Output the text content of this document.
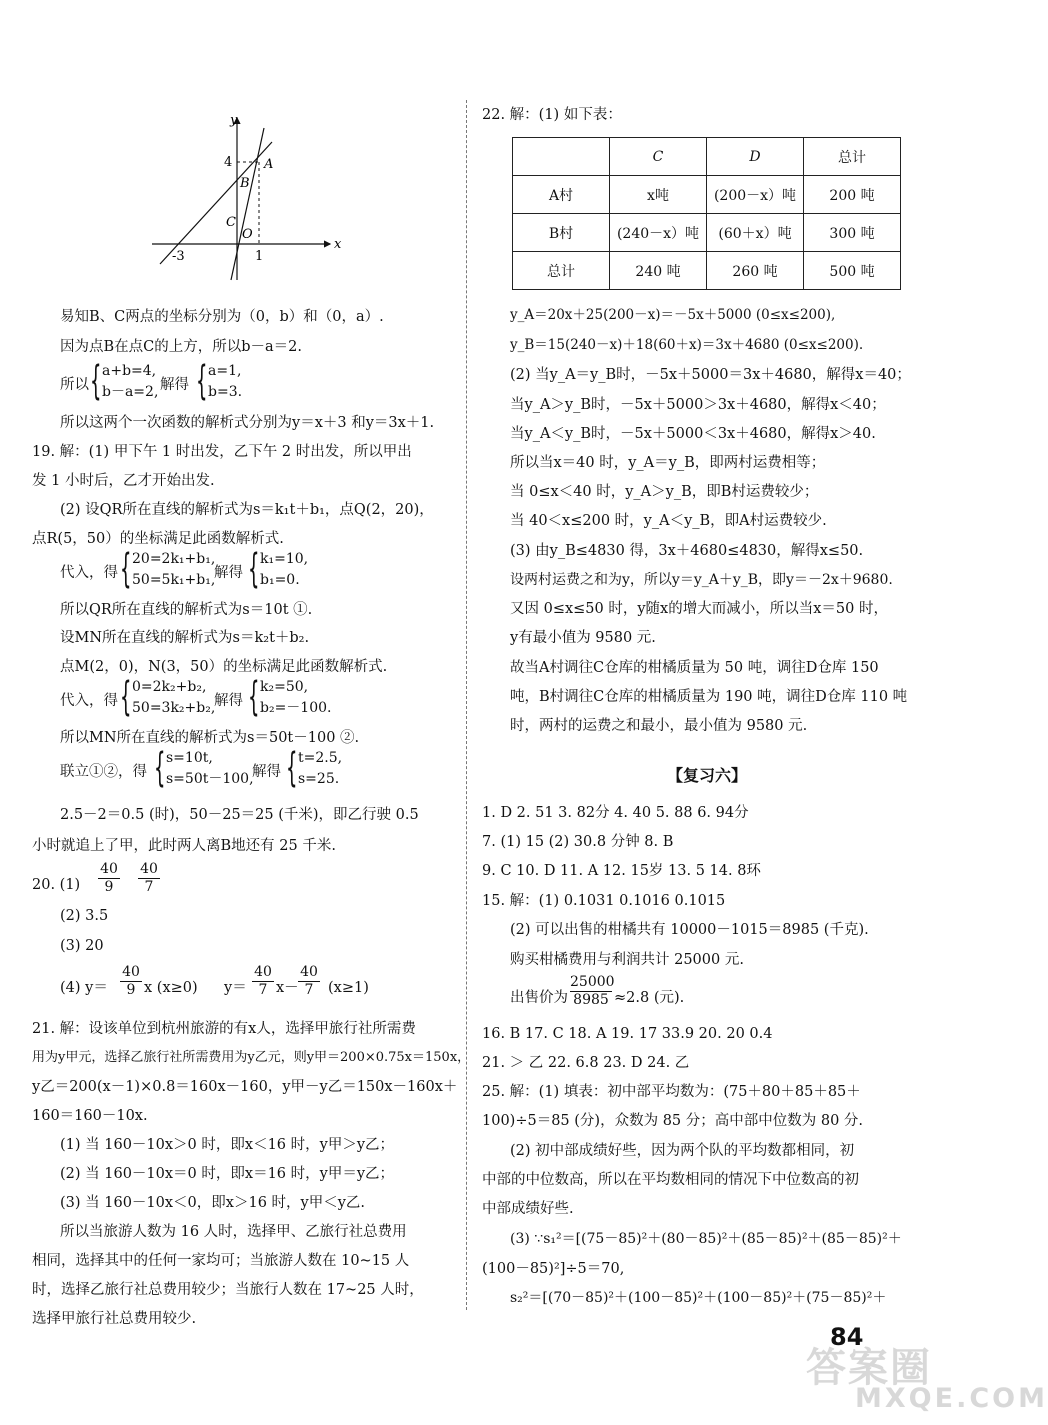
y
x
4
-3	1
A
B
C
O
易知B、C两点的坐标分别为（0，b）和（0，a）.
因为点B在点C的上方，所以b－a＝2.
所以 { a+b=4,
b－a=2, 解得 { a=1,
b=3.
所以这两个一次函数的解析式分别为y＝x＋3 和y＝3x＋1.
19. 解：(1) 甲下午 1 时出发，乙下午 2 时出发，所以甲出
发 1 小时后，乙才开始出发.
(2) 设QR所在直线的解析式为s＝k₁t＋b₁，点Q(2，20)，
点R(5，50）的坐标满足此函数解析式.
代入，得 { 20=2k₁+b₁,
50=5k₁+b₁,
解得 { k₁=10,
b₁=0.
所以QR所在直线的解析式为s＝10t ①.
设MN所在直线的解析式为s＝k₂t＋b₂.
点M(2，0)，N(3，50）的坐标满足此函数解析式.
代入，得 { 0=2k₂+b₂,
50=3k₂+b₂,
解得 { k₂=50,
b₂=－100.
所以MN所在直线的解析式为s＝50t－100 ②.
联立①②，得 { s=10t,
s=50t－100,
解得 { t=2.5,
s=25.
2.5－2＝0.5 (时)，50－25＝25 (千米)，即乙行驶 0.5
小时就追上了甲，此时两人离B地还有 25 千米.
20. $(1) \frac{40}{9} \frac{40}{7}$
(2) 3.5
(3) 20
(4) $y= \frac{40}{9}$ x (x≥0) $y= \frac{40}{7} x- \frac{40}{7} (x\ge 1)$
21. 解：设该单位到杭州旅游的有x人，选择甲旅行社所需费
用为y甲元，选择乙旅行社所需费用为y乙元，则y甲＝200×0.75x＝150x，
y乙＝200(x－1)×0.8＝160x－160，y甲－y乙＝150x－160x＋
160＝160－10x.
(1) 当 160－10x＞0 时，即x＜16 时，y甲＞y乙；
(2) 当 160－10x＝0 时，即x＝16 时，y甲＝y乙；
(3) 当 160－10x＜0，即x＞16 时，y甲＜y乙.
所以当旅游人数为 16 人时，选择甲、乙旅行社总费用
相同，选择其中的任何一家均可；当旅游人数在 10~15 人
时，选择乙旅行社总费用较少；当旅行人数在 17~25 人时，
选择甲旅行社总费用较少.
22. 解：(1) 如下表：
	C	D	总计
A村	x吨	(200－x）吨	200 吨
B村	(240－x）吨	(60＋x）吨	300 吨
总计	240 吨	260 吨	500 吨
y_A＝20x＋25(200－x)＝－5x＋5000 (0≤x≤200),
y_B＝15(240－x)＋18(60＋x)＝3x＋4680 (0≤x≤200).
(2) 当y_A＝y_B时，－5x＋5000＝3x＋4680，解得x＝40；
当y_A＞y_B时，－5x＋5000＞3x＋4680，解得x＜40；
当y_A＜y_B时，－5x＋5000＜3x＋4680，解得x＞40.
所以当x＝40 时，y_A＝y_B，即两村运费相等；
当 0≤x＜40 时，y_A＞y_B，即B村运费较少；
当 40＜x≤200 时，y_A＜y_B，即A村运费较少.
(3) 由y_B≤4830 得，3x＋4680≤4830，解得x≤50.
设两村运费之和为y，所以y＝y_A＋y_B，即y＝－2x＋9680.
又因 0≤x≤50 时，y随x的增大而减小，所以当x＝50 时，
y有最小值为 9580 元.
故当A村调往C仓库的柑橘质量为 50 吨，调往D仓库 150
吨，B村调往C仓库的柑橘质量为 190 吨，调往D仓库 110 吨
时，两村的运费之和最小，最小值为 9580 元.
【复习六】
1. D 2. 51 3. 82分 4. 40 5. 88 6. 94分
7. (1) 15 (2) 30.8 分钟 8. B
9. C 10. D 11. A 12. 15岁 13. 5 14. 8环
15. 解：(1) 0.1031 0.1016 0.1015
(2) 可以出售的柑橘共有 10000－1015＝8985 (千克).
购买柑橘费用与利润共计 25000 元.
出售价为 $\frac{25000}{8985} \approx 2.8$ (元).
16. B 17. C 18. A 19. 17 33.9 20. 20 0.4
21. ＞ 乙 22. 6.8 23. D 24. 乙
25. 解：(1) 填表：初中部平均数为：(75＋80＋85＋85＋
100)÷5＝85 (分)，众数为 85 分；高中部中位数为 80 分.
(2) 初中部成绩好些，因为两个队的平均数都相同，初
中部的中位数高，所以在平均数相同的情况下中位数高的初
中部成绩好些.
(3) ∵s₁²＝[(75－85)²＋(80－85)²＋(85－85)²＋(85－85)²＋
(100－85)²]÷5＝70,
s₂²＝[(70－85)²＋(100－85)²＋(100－85)²＋(75－85)²＋
84
答案圈
MXQE.COM
